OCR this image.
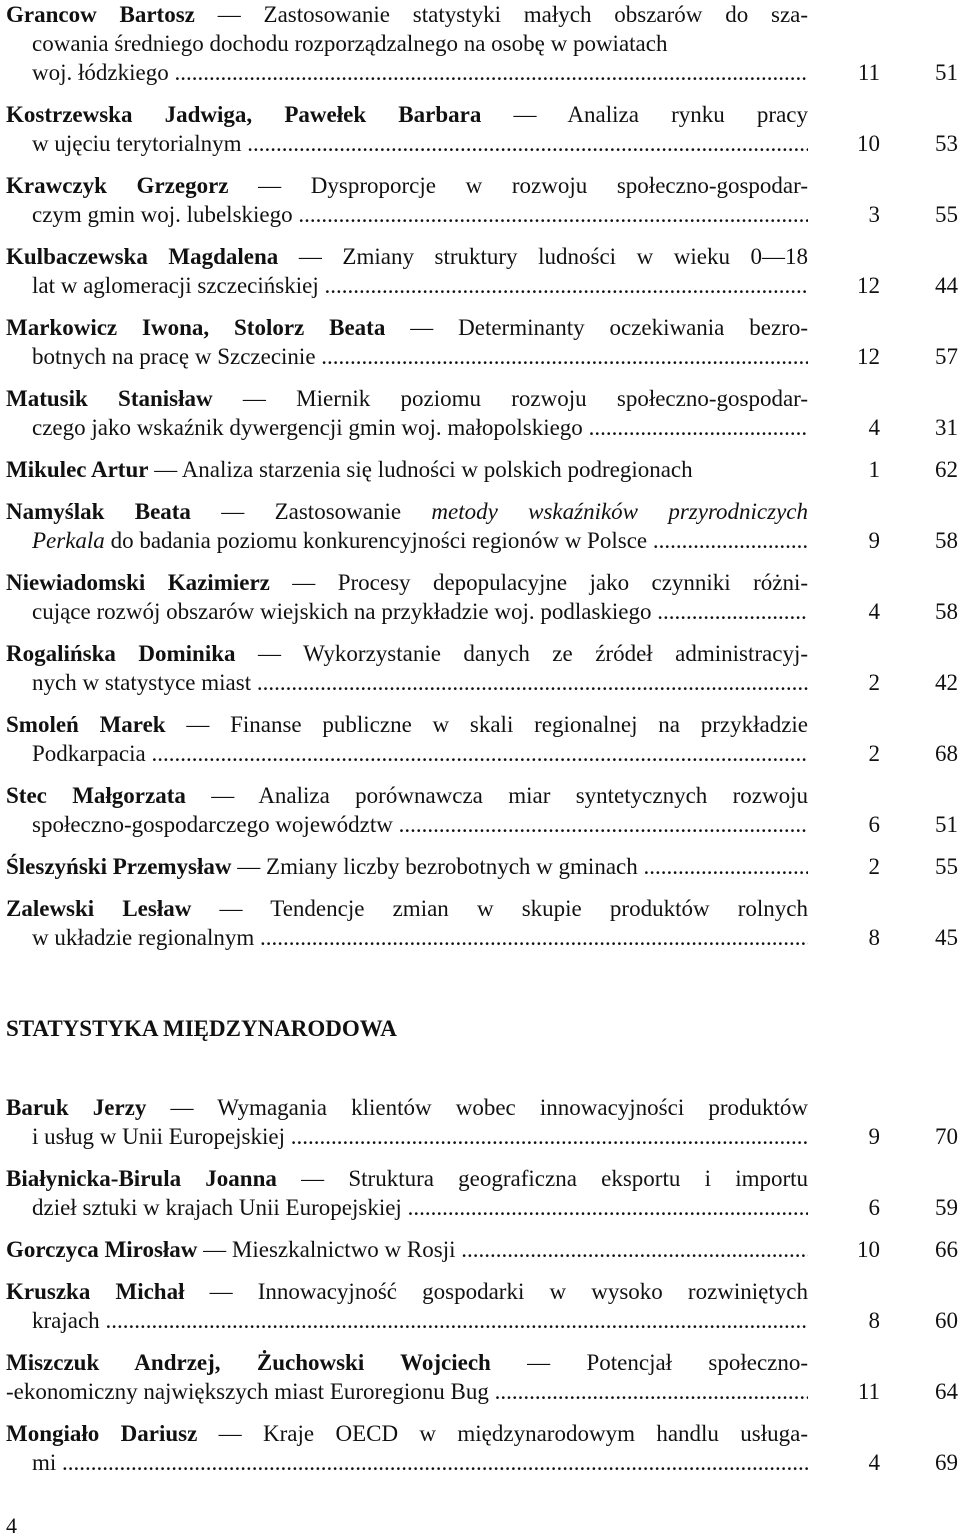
Grancow Bartosz — Zastosowanie statystyki małych obszarów do sza-
cowania średniego dochodu rozporządzalnego na osobę w powiatach
woj. łódzkiego .....	11	51
Kostrzewska Jadwiga, Pawełek Barbara — Analiza rynku pracy
w ujęciu terytorialnym .....	10	53
Krawczyk Grzegorz — Dysproporcje w rozwoju społeczno-gospodar-
czym gmin woj. lubelskiego .....	3	55
Kulbaczewska Magdalena — Zmiany struktury ludności w wieku 0—18
lat w aglomeracji szczecińskiej .....	12	44
Markowicz Iwona, Stolorz Beata — Determinanty oczekiwania bezro-
botnych na pracę w Szczecinie .....	12	57
Matusik Stanisław — Miernik poziomu rozwoju społeczno-gospodar-
czego jako wskaźnik dywergencji gmin woj. małopolskiego .....	4	31
Mikulec Artur — Analiza starzenia się ludności w polskich podregionach	1	62
Namyślak Beata — Zastosowanie metody wskaźników przyrodniczych
Perkala do badania poziomu konkurencyjności regionów w Polsce .....	9	58
Niewiadomski Kazimierz — Procesy depopulacyjne jako czynniki różni-
cujące rozwój obszarów wiejskich na przykładzie woj. podlaskiego .....	4	58
Rogalińska Dominika — Wykorzystanie danych ze źródeł administracyj-
nych w statystyce miast .....	2	42
Smoleń Marek — Finanse publiczne w skali regionalnej na przykładzie
Podkarpacia .....	2	68
Stec Małgorzata — Analiza porównawcza miar syntetycznych rozwoju
społeczno-gospodarczego województw .....	6	51
Śleszyński Przemysław — Zmiany liczby bezrobotnych w gminach .....	2	55
Zalewski Lesław — Tendencje zmian w skupie produktów rolnych
w układzie regionalnym .....	8	45
STATYSTYKA MIĘDZYNARODOWA
Baruk Jerzy — Wymagania klientów wobec innowacyjności produktów
i usług w Unii Europejskiej .....	9	70
Białynicka-Birula Joanna — Struktura geograficzna eksportu i importu
dzieł sztuki w krajach Unii Europejskiej .....	6	59
Gorczyca Mirosław — Mieszkalnictwo w Rosji .....	10	66
Kruszka Michał — Innowacyjność gospodarki w wysoko rozwiniętych
krajach .....	8	60
Miszczuk Andrzej, Żuchowski Wojciech — Potencjał społeczno-
-ekonomiczny największych miast Euroregionu Bug .....	11	64
Mongiało Dariusz — Kraje OECD w międzynarodowym handlu usługa-
mi .....	4	69
4
